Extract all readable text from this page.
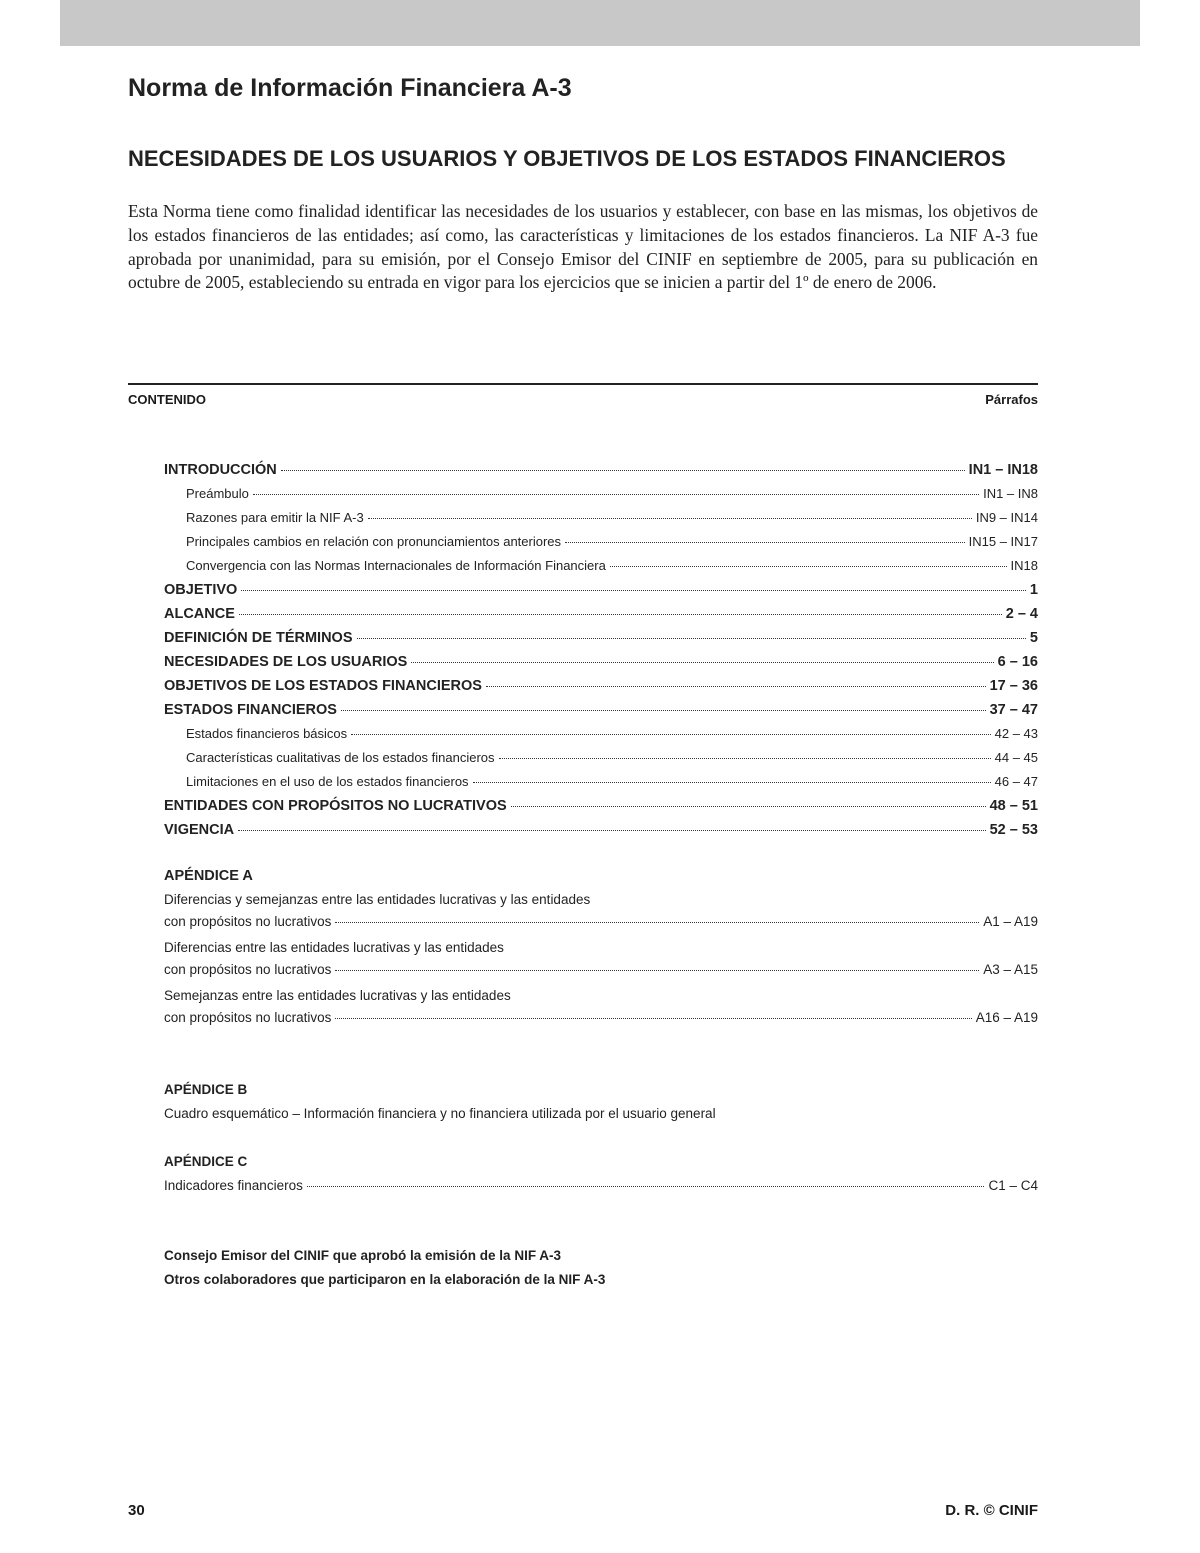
Norma de Información Financiera A-3
NECESIDADES DE LOS USUARIOS Y OBJETIVOS DE LOS ESTADOS FINANCIEROS

Esta Norma tiene como finalidad identificar las necesidades de los usuarios y establecer, con base en las mismas, los objetivos de los estados financieros de las entidades; así como, las características y limitaciones de los estados financieros. La NIF A-3 fue aprobada por unanimidad, para su emisión, por el Consejo Emisor del CINIF en septiembre de 2005, para su publicación en octubre de 2005, estableciendo su entrada en vigor para los ejercicios que se inicien a partir del 1º de enero de 2006.

CONTENIDO	Párrafos
INTRODUCCIÓN	IN1 – IN18
Preámbulo	IN1 – IN8
Razones para emitir la NIF A-3	IN9 – IN14
Principales cambios en relación con pronunciamientos anteriores	IN15 – IN17
Convergencia con las Normas Internacionales de Información Financiera	IN18
OBJETIVO	1
ALCANCE	2 – 4
DEFINICIÓN DE TÉRMINOS	5
NECESIDADES DE LOS USUARIOS	6 – 16
OBJETIVOS DE LOS ESTADOS FINANCIEROS	17 – 36
ESTADOS FINANCIEROS	37 – 47
Estados financieros básicos	42 – 43
Características cualitativas de los estados financieros	44 – 45
Limitaciones en el uso de los estados financieros	46 – 47
ENTIDADES CON PROPÓSITOS NO LUCRATIVOS	48 – 51
VIGENCIA	52 – 53
APÉNDICE A
Diferencias y semejanzas entre las entidades lucrativas y las entidades
con propósitos no lucrativos	A1 – A19
Diferencias entre las entidades lucrativas y las entidades
con propósitos no lucrativos	A3 – A15
Semejanzas entre las entidades lucrativas y las entidades
con propósitos no lucrativos	A16 – A19
APÉNDICE B
Cuadro esquemático – Información financiera y no financiera utilizada por el usuario general
APÉNDICE C
Indicadores financieros	C1 – C4
Consejo Emisor del CINIF que aprobó la emisión de la NIF A-3
Otros colaboradores que participaron en la elaboración de la NIF A-3
30	D. R. © CINIF
